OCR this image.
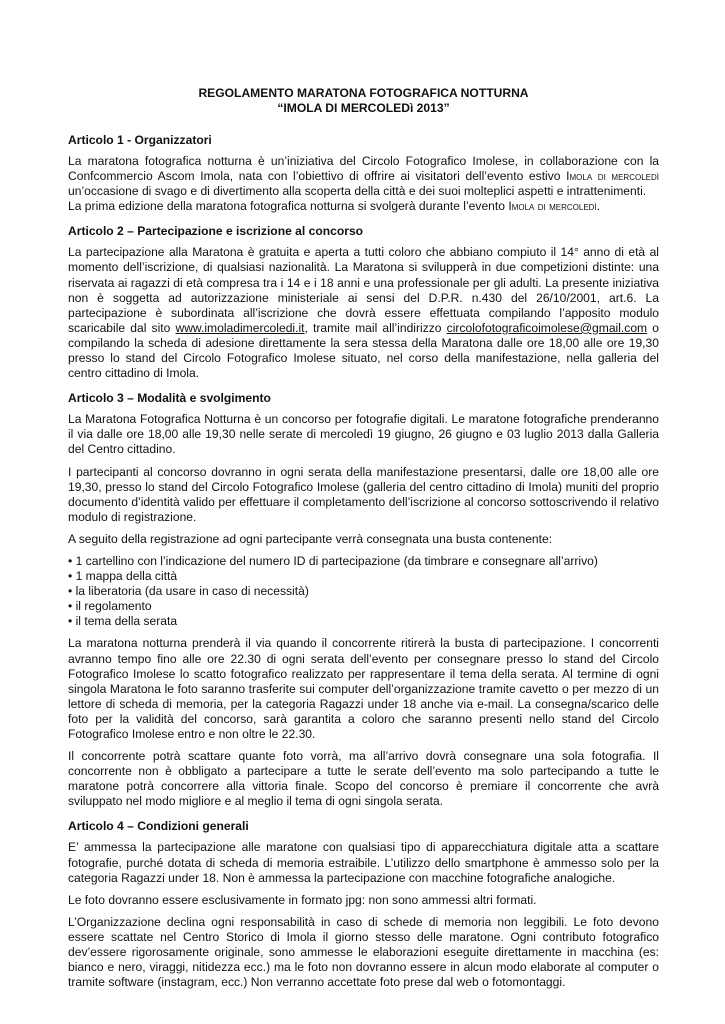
REGOLAMENTO MARATONA FOTOGRAFICA NOTTURNA
“IMOLA DI MERCOLEDì 2013”
Articolo 1 - Organizzatori

La maratona fotografica notturna è un’iniziativa del Circolo Fotografico Imolese, in collaborazione con la Confcommercio Ascom Imola, nata con l’obiettivo di offrire ai visitatori dell’evento estivo Imola di mercoledì un’occasione di svago e di divertimento alla scoperta della città e dei suoi molteplici aspetti e intrattenimenti.
La prima edizione della maratona fotografica notturna si svolgerà durante l’evento Imola di mercoledì.

Articolo 2 – Partecipazione e iscrizione al concorso

La partecipazione alla Maratona è gratuita e aperta a tutti coloro che abbiano compiuto il 14° anno di età al momento dell’iscrizione, di qualsiasi nazionalità. La Maratona si svilupperà in due competizioni distinte: una riservata ai ragazzi di età compresa tra i 14 e i 18 anni e una professionale per gli adulti. La presente iniziativa non è soggetta ad autorizzazione ministeriale ai sensi del D.P.R. n.430 del 26/10/2001, art.6. La partecipazione è subordinata all’iscrizione che dovrà essere effettuata compilando l’apposito modulo scaricabile dal sito www.imoladimercoledi.it, tramite mail all’indirizzo circolofotograficoimolese@gmail.com o compilando la scheda di adesione direttamente la sera stessa della Maratona dalle ore 18,00 alle ore 19,30 presso lo stand del Circolo Fotografico Imolese situato, nel corso della manifestazione, nella galleria del centro cittadino di Imola.

Articolo 3 – Modalità e svolgimento

La Maratona Fotografica Notturna è un concorso per fotografie digitali. Le maratone fotografiche prenderanno il via dalle ore 18,00 alle 19,30 nelle serate di mercoledì 19 giugno, 26 giugno e 03 luglio 2013 dalla Galleria del Centro cittadino.

I partecipanti al concorso dovranno in ogni serata della manifestazione presentarsi, dalle ore 18,00 alle ore 19,30, presso lo stand del Circolo Fotografico Imolese (galleria del centro cittadino di Imola) muniti del proprio documento d’identità valido per effettuare il completamento dell’iscrizione al concorso sottoscrivendo il relativo modulo di registrazione.

A seguito della registrazione ad ogni partecipante verrà consegnata una busta contenente:

• 1 cartellino con l’indicazione del numero ID di partecipazione (da timbrare e consegnare all’arrivo)
• 1 mappa della città
• la liberatoria (da usare in caso di necessità)
• il regolamento
• il tema della serata

La maratona notturna prenderà il via quando il concorrente ritirerà la busta di partecipazione. I concorrenti avranno tempo fino alle ore 22.30 di ogni serata dell’evento per consegnare presso lo stand del Circolo Fotografico Imolese lo scatto fotografico realizzato per rappresentare il tema della serata. Al termine di ogni singola Maratona le foto saranno trasferite sui computer dell’organizzazione tramite cavetto o per mezzo di un lettore di scheda di memoria, per la categoria Ragazzi under 18 anche via e-mail. La consegna/scarico delle foto per la validità del concorso, sarà garantita a coloro che saranno presenti nello stand del Circolo Fotografico Imolese entro e non oltre le 22.30.

Il concorrente potrà scattare quante foto vorrà, ma all’arrivo dovrà consegnare una sola fotografia. Il concorrente non è obbligato a partecipare a tutte le serate dell’evento ma solo partecipando a tutte le maratone potrà concorrere alla vittoria finale. Scopo del concorso è premiare il concorrente che avrà sviluppato nel modo migliore e al meglio il tema di ogni singola serata.

Articolo 4 – Condizioni generali

E’ ammessa la partecipazione alle maratone con qualsiasi tipo di apparecchiatura digitale atta a scattare fotografie, purché dotata di scheda di memoria estraibile. L’utilizzo dello smartphone è ammesso solo per la categoria Ragazzi under 18. Non è ammessa la partecipazione con macchine fotografiche analogiche.

Le foto dovranno essere esclusivamente in formato jpg: non sono ammessi altri formati.

L’Organizzazione declina ogni responsabilità in caso di schede di memoria non leggibili. Le foto devono essere scattate nel Centro Storico di Imola il giorno stesso delle maratone. Ogni contributo fotografico dev’essere rigorosamente originale, sono ammesse le elaborazioni eseguite direttamente in macchina (es: bianco e nero, viraggi, nitidezza ecc.) ma le foto non dovranno essere in alcun modo elaborate al computer o tramite software (instagram, ecc.) Non verranno accettate foto prese dal web o fotomontaggi.
